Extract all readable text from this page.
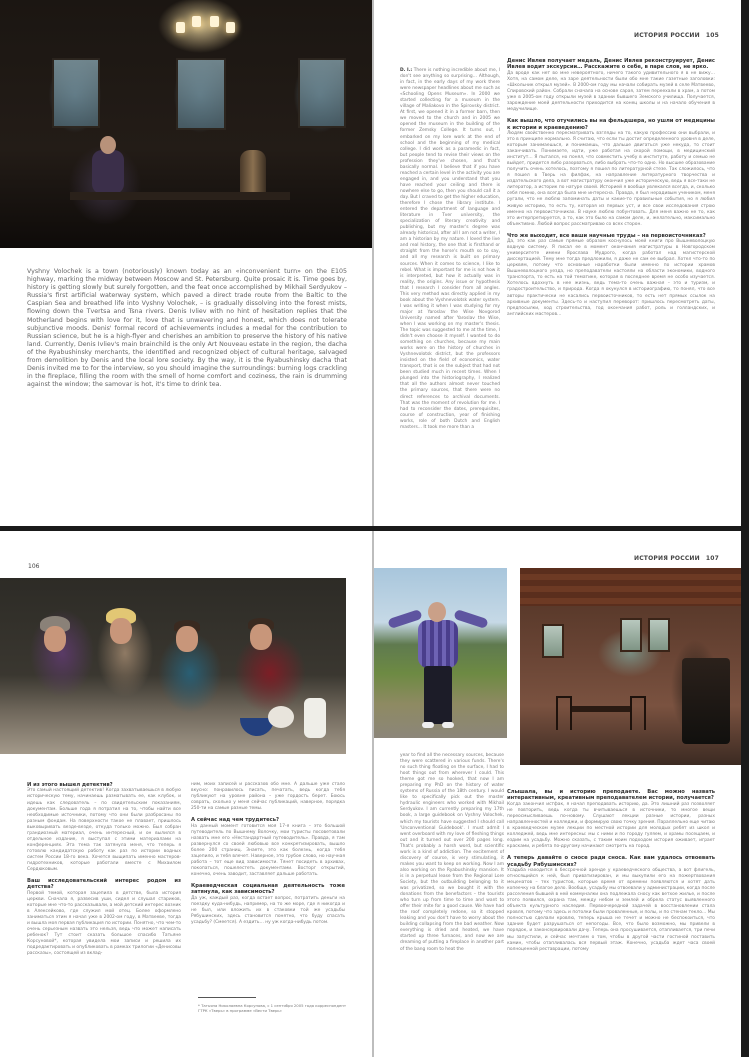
Vyshny Volochek is a town (notoriously) known today as an «inconvenient turn» on the E105 highway, marking the midway between Moscow and St. Petersburg. Quite prosaic it is. Time goes by, history is getting slowly but surely forgotten, and the feat once accomplished by Mikhail Serdyukov – Russia's first artificial waterway system, which paved a direct trade route from the Baltic to the Caspian Sea and breathed life into Vyshny Volochek, – is gradually dissolving into the forest mists, flowing down the Tvertsa and Tsna rivers. Denis Ivliev with no hint of hesitation replies that the Motherland begins with love for it, love that is unwavering and honest, which does not tolerate subjunctive moods. Denis' formal record of achievements includes a medal for the contribution to Russian science, but he is a high-flyer and cherishes an ambition to preserve the history of his native land. Currently, Denis Ivliev's main brainchild is the only Art Nouveau estate in the region, the dacha of the Ryabushinsky merchants, the identified and recognized object of cultural heritage, salvaged from demolition by Denis and the local lore society. By the way, it is the Ryabushinsky dacha that Denis invited me to for the interview, so you should imagine the surroundings: burning logs crackling in the fireplace, filling the room with the smell of home comfort and coziness, the rain is drumming against the window; the samovar is hot, it's time to drink tea.

ИСТОРИЯ РОССИИ 105
D. I.: There is nothing incredible about me, I don't see anything so surprising... Although, in fact, in the early days of my work there were newspaper headlines about me such as «Schooling Opens Museum». In 2000 we started collecting for a museum in the village of Maliakovo in the Spirovsky district. At first, we opened it in a former barn, then we moved to the church and in 2005 we opened the museum in the building of the former Zemsky College. It turns out, I embarked on my lore work at the end of school and the beginning of my medical college. I did work as a paramedic in fact, but people tend to revise their views on the profession they've chosen, and that's basically normal. I believe that if you have reached a certain level in the activity you are engaged in, and you understand that you have reached your ceiling and there is nowhere else to go, then you should call it a day. But I craved to get the higher education, therefore I chose the library institute. I entered the department of language and literature in Tver university, the specialization of literary creativity and publishing, but my master's degree was already historical, after all I am not a writer, I am a historian by my nature. I loved the live and real history, the one that is firsthand or straight from the horse's mouth so to say, and all my research is built on primary sources. When it comes to science, I like to rebel. What is important for me is not how it is interpreted, but how it actually was in reality, the origins. Any issue or hypothesis that I research I consider from all angles. This very method was directly applied in my book about the Vyshnevolotsk water system. I was writing it when I was studying for my major at Yaroslav the Wise Novgorod University named after Yaroslav the Wise, when I was working on my master's thesis. The topic was suggested to me at the time, I didn't even choose it myself. I wanted to do something on churches, because my main works were on the history of churches in Vyshnevolotsk district, but the professors insisted on the field of economics, water transport, that is on the subject that had not been studied much in recent times. When I plunged into the historiography, I realized that all the authors almost never touched the primary sources, that there were no direct references to archival documents. That was the moment of revolution for me. I had to reconsider the dates, prerequisites, course of construction, year of finishing works, role of both Dutch and English masters... It took me more than a
Денис Ивлев получает медаль, Денис Ивлев реконструирует, Денис Ивлев водит экскурсии… Расскажите о себе, в паре слов, не ярко.
Да вроде как нет во мне невероятного, ничего такого удивительного я в не вижу… Хотя, на самом деле, на заре деятельности были обо мне такие газетные заголовки: «Школьник открыл музей». В 2000-ом году мы начали собирать музей в селе Матвеево, Спировский район. Собрали сначала на основе сарая, затем переехали в храм, а потом уже в 2005-ом году открыли музей в здании бывшего Земского училища. Получается, зарождение моей деятельности приходится на конец школы и на начало обучения в медучилище.
Как вышло, что отучились вы на фельдшера, но ушли от медицины к истории и краеведению?
Людям свойственно пересматривать взгляды на то, какую профессию они выбрали, и это в принципе нормально. Я считаю, что если ты достиг определенного уровня в деле, которым занимаешься, и понимаешь, что дальше двигаться уже некуда, то стоит заканчивать. Понимаете, идти, уже работая на скорой помощи, в медицинский институт… Я пытался, но понял, что совместить учебу в институте, работу и семью не выйдет, придется либо разорваться, либо выбрать что-то одно. Но высшее образование получить очень хотелось, поэтому я пошел по литературной стезе. Так сложилось, что я пошел в Тверь на филфак, на направление литературного творчества и издательского дела, а вот магистратуру окончил уже историческую, ведь я все-таки не литератор, а историк по натуре своей. Историей я вообще увлекался всегда, и, сколько себя помню, она всегда была мне интересна. Правда, я был нерадивым учеником, меня ругали, что не люблю запоминать даты и какие-то правильные события, но я любил живую историю, то есть ту, которая из первых уст, и все свои исследования строю именно на первоисточниках. В науке люблю побунтовать. Для меня важно не то, как это интерпретируется, а то, как это было на самом деле, и, желательно, максимально объективно. Любой вопрос рассматриваю со всех сторон.
Что же выходит, все ваши научные труды – на первоисточниках?
Да, это как раз самые прямые образом коснулось моей книги про Вышневолоцкую водную систему. Я писал ее в момент окончания магистратуры в Новгородском университете имени Ярослава Мудрого, когда работал над магистерской диссертацией. Тему мне тогда предложили, я даже не сам ее выбрал. Хотел что-то по церквям, потому что основные наработки были именно по истории храмов Вышневолоцкого уезда, но преподаватели настояли на области экономики, водного транспорта, то есть на той тематике, которая в последнее время не особо изучается. Хотелось вдохнуть в нее жизнь, ведь тема-то очень важная – это и туризм, и градостроительство, и природа. Когда я окунулся в историографию, то понял, что все авторы практически не касались первоисточников, то есть нет прямых ссылок на архивные документы. Здесь-то и наступил переворот: пришлось пересмотреть даты, предпосылки, ход строительства, год окончания работ, роль и голландских, и английских мастеров…
106
И из этого вышел детектив?
Это самый настоящий детектив! Когда захватываешься в любую историческую тему, начинаешь разматывать ее, как клубок, и идешь как следователь – по свидетельским показаниям, документам. Больше года я потратил на то, чтобы найти все необходимые источники, потому что они были разбросаны по разным фондам. На поверхности такое не плавает, пришлось выковыривать везде-везде, откуда только можно. Был собран грандиозный материал, очень интересный, и он вылился в отдельное издание, я выступал с этими материалами на конференциях. Эта тема так затянула меня, что теперь я готовлю кандидатскую работу как раз по истории водных систем России 18-го века. Хочется выщипать именно мастеров-гидротехников, которые работали вместе с Михаилом Сердюковым.
Ваш исследовательский интерес родом из детства?
Первой темой, которая зацепила в детстве, была история церкви. Сначала я, развесив уши, сидел и слушал стариков, которые мне что-то рассказывали, а мой детский интерес возник в Алексейково, где служил мой отец. Более оформлено заниматься этим я начал уже в 2002-ом году, в Матвееве, тогда и вышла моя первая публикация по истории. Понятно, что чем-то очень серьезным назвать это нельзя, ведь что может написать ребенок? Тут стоит сказать большое спасибо Татьяне Корсуновой*, которая увидела мои записи и решила их подредактировать и опубликовать в рамках трилогии «Денисовы рассказы», состоящей из вклад-
ним, моих записей и рассказов обо мне. А дальше уже стало вкусно: понравилось писать, печатать, ведь когда тебя публикуют на уровне района – уже гордость берет. Боюсь соврать, сколько у меня сейчас публикаций, наверное, порядка 250-ти на самые разные темы.
А сейчас над чем трудитесь?
На данный момент готовится моя 17-я книга – это большой путеводитель по Вышнему Волочку, мои туристы посоветовали назвать мне его «Нестандартный путеводитель». Правда, я там развернулся со своей любовью все конкретизировать, вышло более 200 страниц. Знаете, это как болезнь, когда тебя зацепило, и тебя влечет. Наверное, это грубое слово, но научная работа – тот еще вид зависимости. Тянет посидеть в архивах, покопаться, пошелестеть документами. Восторг открытий, конечно, очень заводит, заставляет дальше работать.
Краеведческая социальная деятельность тоже затянула, как зависимость?
Да уж, каждый раз, когда встает вопрос, потратить деньги на поездку куда-нибудь, например, на то же море, где я никогда и не был, или вложить их в стаковки той же усадьбы Рябушинских, здесь становится понятно, что буду спасать усадьбу? (Смеется). А ездить… ну уж когда-нибудь потом.
* Татьяна Николаевна Корсунова, с 1 сентября 2005 года корреспондент ГТРК «Тверь» в программе «Вести Тверь»
ИСТОРИЯ РОССИИ 107
year to find all the necessary sources, because they were scattered in various funds. There's no such thing floating on the surface, I had to hoot things out from wherever I could. This theme got me so hooked, that now I am preparing my PhD on the history of water systems of Russia of the 18th century. I would like to specifically pick out the master hydraulic engineers who worked with Mikhail Serdyukov. I am currently preparing my 17th book, a large guidebook on Vyshny Volochek, which my tourists have suggested I should call 'Unconventional Guidebook'. I must admit I went overboard with my love of fleshing things out and it turned out over 200 pages long. That's probably a harsh word, but scientific work is a kind of addiction. The excitement of discovery of course, is very stimulating, it makes you want to keep on working. Now I am also working on the Ryabushinsky mansion. It is in a perpetual lease from the Regional Lore Society, but the outbuilding belonging to it was privatized, so we bought it with the donations from the benefactors – the tourists who turn up from time to time and want to offer their mite for a good cause. We have had the roof completely redone, so it stopped leaking and you don't have to worry about the building collapsing from the bad weather. Now everything is dried and heated, we have started up three furnaces, and now we are dreaming of putting a fireplace in another part of the bang room to heat the
Слышала, вы и историю преподаете. Вас можно назвать интерактивным, креативным преподавателем истории, получается?
Когда закончил истфак, я начал преподавать историю, да. Это лишний раз позволяет не повторить, ведь когда ты вчитываешься в источники, то многое вещи переосмысливаешь по-новому. Слушают лекции разные истории, разных направленностей и колледжи, и формирую свою точку зрения. Параллельно еще читаю в краеведческом музее лекции по местной истории для молодых ребят из школ и колледжей, ведь мне интересны: мы с ними и по городу гуляем, и храмы посещаем, и ездим на усадьбу. Можно сказать, с таким моим подходом история оживает, играет красками, и ребята по-другому начинают смотреть на город.
А теперь давайте о сносе ради сноса. Как вам удалось отвоевать усадьбу Рябушинских?
Усадьба находится в бессрочной аренде у краеведческого общества, а вот флигель, относящийся к ней, был приватизирован, и мы выкупили его на пожертвования меценатов – тех туристов, которые время от времени появляются и хотят дать копеечку на благое дело. Вообще, усадьбу мы отвоевали у администрации, когда после расселения бывшей в ней коммуналки она подлежала сносу как ветхое жилье, и после этого появился, охрана там, между небом и землей и обрела статус выявленного объекта культурного наследия. Первоочередной задачей в восстановлении стала кровля, потому что здесь и потолки были проваленные, и полы, и по стенам текло… Мы полностью сделали кровлю, теперь крыша не течет и можно не беспокоиться, что здание будет разрушаться от непогоды. Все, что было возможно, мы привели в порядок, и законсервировали дачу. Теперь она просушивается, отапливается, три печи мы запустили, и сейчас мечтаем о том, чтобы в другой части гостиной поставить камин, чтобы отапливалась вся первый этаж. Конечно, усадьба ждет часа своей полноценной реставрации, потому
